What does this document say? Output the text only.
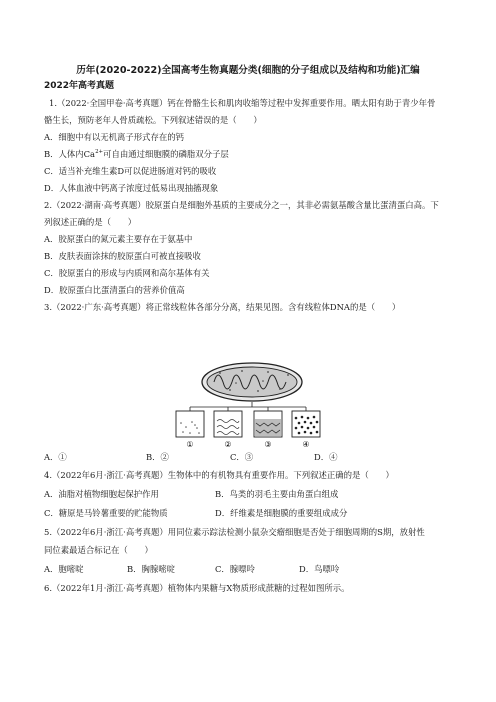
历年(2020-2022)全国高考生物真题分类(细胞的分子组成以及结构和功能)汇编
2022年高考真题
1.（2022·全国甲卷·高考真题）钙在骨骼生长和肌肉收缩等过程中发挥重要作用。晒太阳有助于青少年骨
骼生长，预防老年人骨质疏松。下列叙述错误的是（　　）
A．细胞中有以无机离子形式存在的钙
B．人体内$Ca^{2+}$可自由通过细胞膜的磷脂双分子层
C．适当补充维生素D可以促进肠道对钙的吸收
D．人体血液中钙离子浓度过低易出现抽搐现象
2.（2022·湖南·高考真题）胶原蛋白是细胞外基质的主要成分之一，其非必需氨基酸含量比蛋清蛋白高。下
列叙述正确的是（　　）
A．胶原蛋白的氮元素主要存在于氨基中
B．皮肤表面涂抹的胶原蛋白可被直接吸收
C．胶原蛋白的形成与内质网和高尔基体有关
D．胶原蛋白比蛋清蛋白的营养价值高
3.（2022·广东·高考真题）将正常线粒体各部分分离，结果见图。含有线粒体DNA的是（　　）
①	②	③	④
A．①	B．②	C．③	D．④
4.（2022年6月·浙江·高考真题）生物体中的有机物具有重要作用。下列叙述正确的是（　　）
A．油脂对植物细胞起保护作用	B．鸟类的羽毛主要由角蛋白组成
C．糖原是马铃薯重要的贮能物质	D．纤维素是细胞膜的重要组成成分
5.（2022年6月·浙江·高考真题）用同位素示踪法检测小鼠杂交瘤细胞是否处于细胞周期的S期，放射性
同位素最适合标记在（　　）
A．胞嘧啶	B．胸腺嘧啶	C．腺嘌呤	D．鸟嘌呤
6.（2022年1月·浙江·高考真题）植物体内果糖与X物质形成蔗糖的过程如图所示。
